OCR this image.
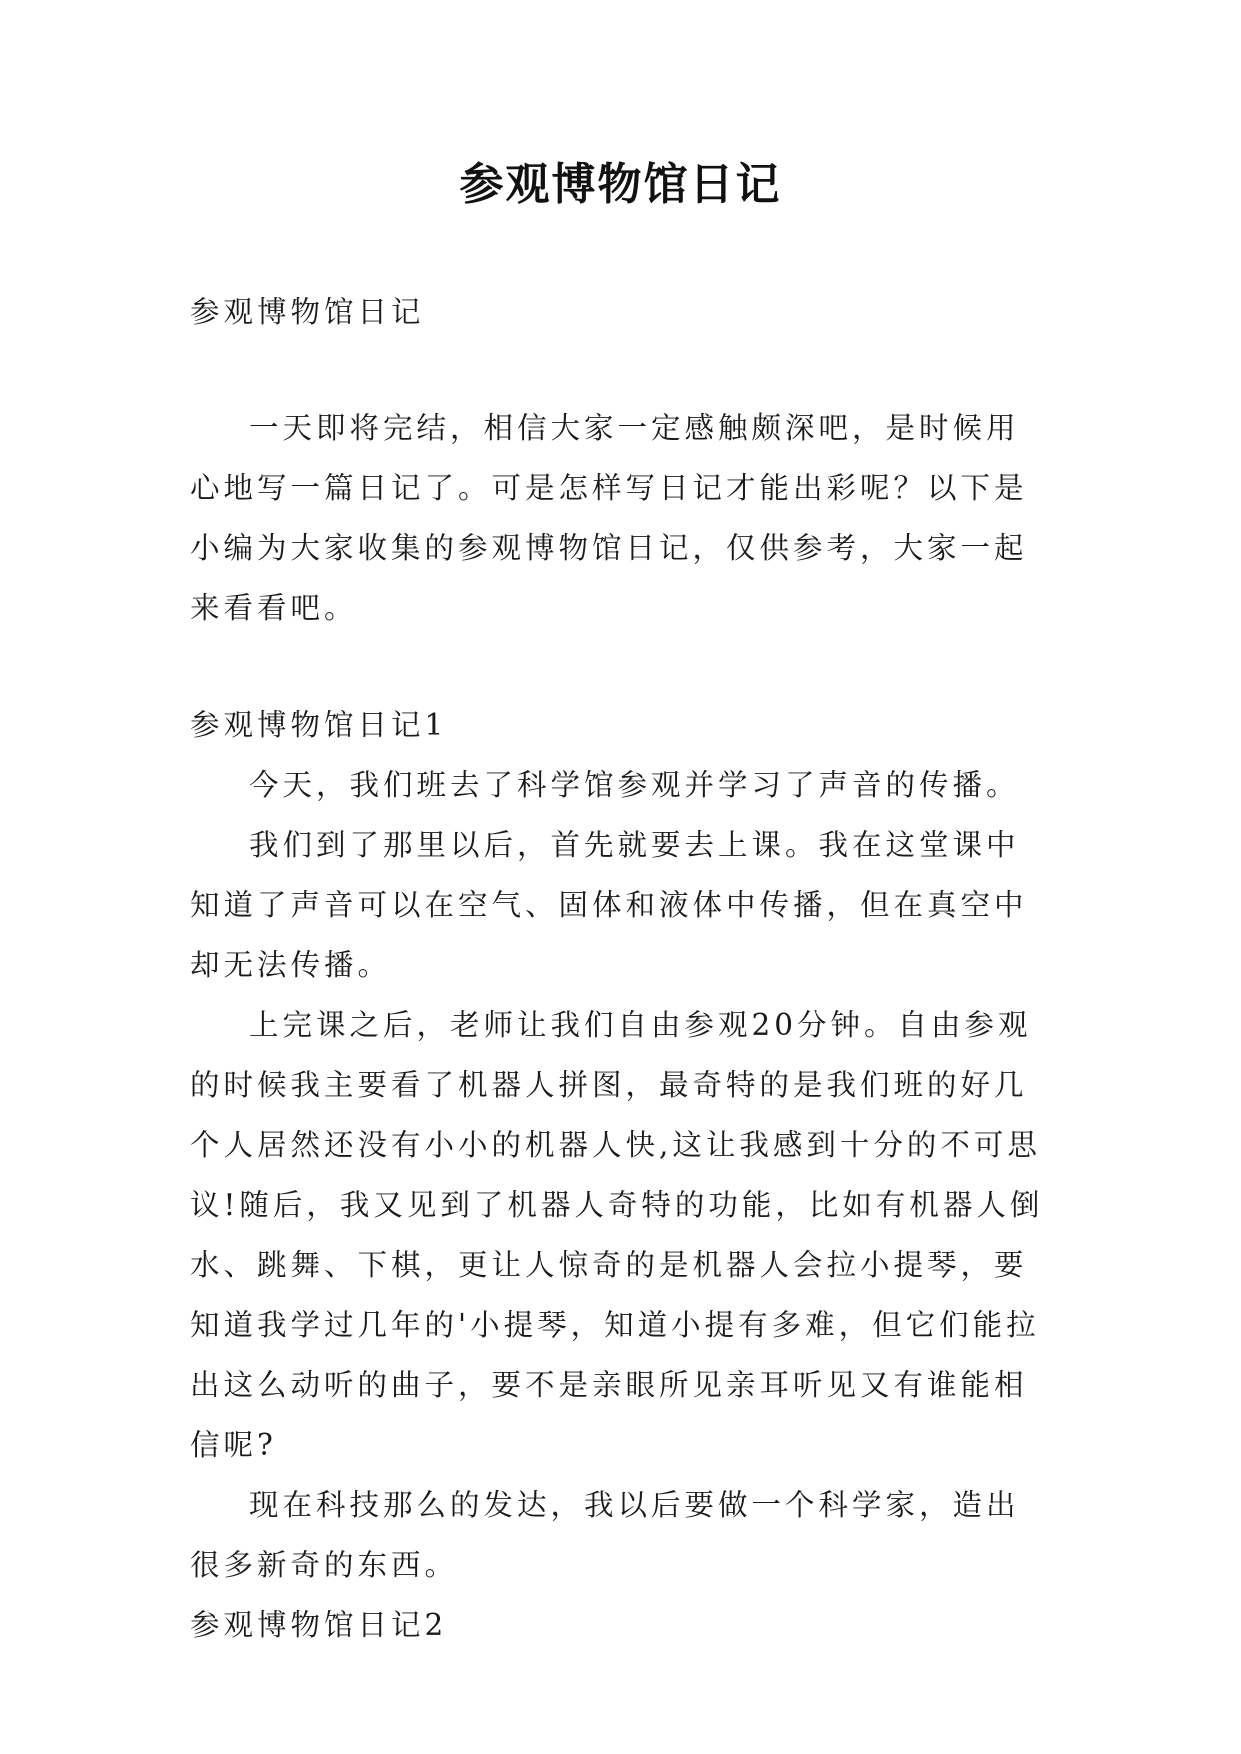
参观博物馆日记

参观博物馆日记

一天即将完结，相信大家一定感触颇深吧，是时候用心地写一篇日记了。可是怎样写日记才能出彩呢？以下是小编为大家收集的参观博物馆日记，仅供参考，大家一起来看看吧。

参观博物馆日记1

今天，我们班去了科学馆参观并学习了声音的传播。

我们到了那里以后，首先就要去上课。我在这堂课中知道了声音可以在空气、固体和液体中传播，但在真空中却无法传播。

上完课之后，老师让我们自由参观20分钟。自由参观的时候我主要看了机器人拼图，最奇特的是我们班的好几个人居然还没有小小的机器人快,这让我感到十分的不可思议!随后，我又见到了机器人奇特的功能，比如有机器人倒水、跳舞、下棋，更让人惊奇的是机器人会拉小提琴，要知道我学过几年的'小提琴，知道小提有多难，但它们能拉出这么动听的曲子，要不是亲眼所见亲耳听见又有谁能相信呢?

现在科技那么的发达，我以后要做一个科学家，造出很多新奇的东西。

参观博物馆日记2
